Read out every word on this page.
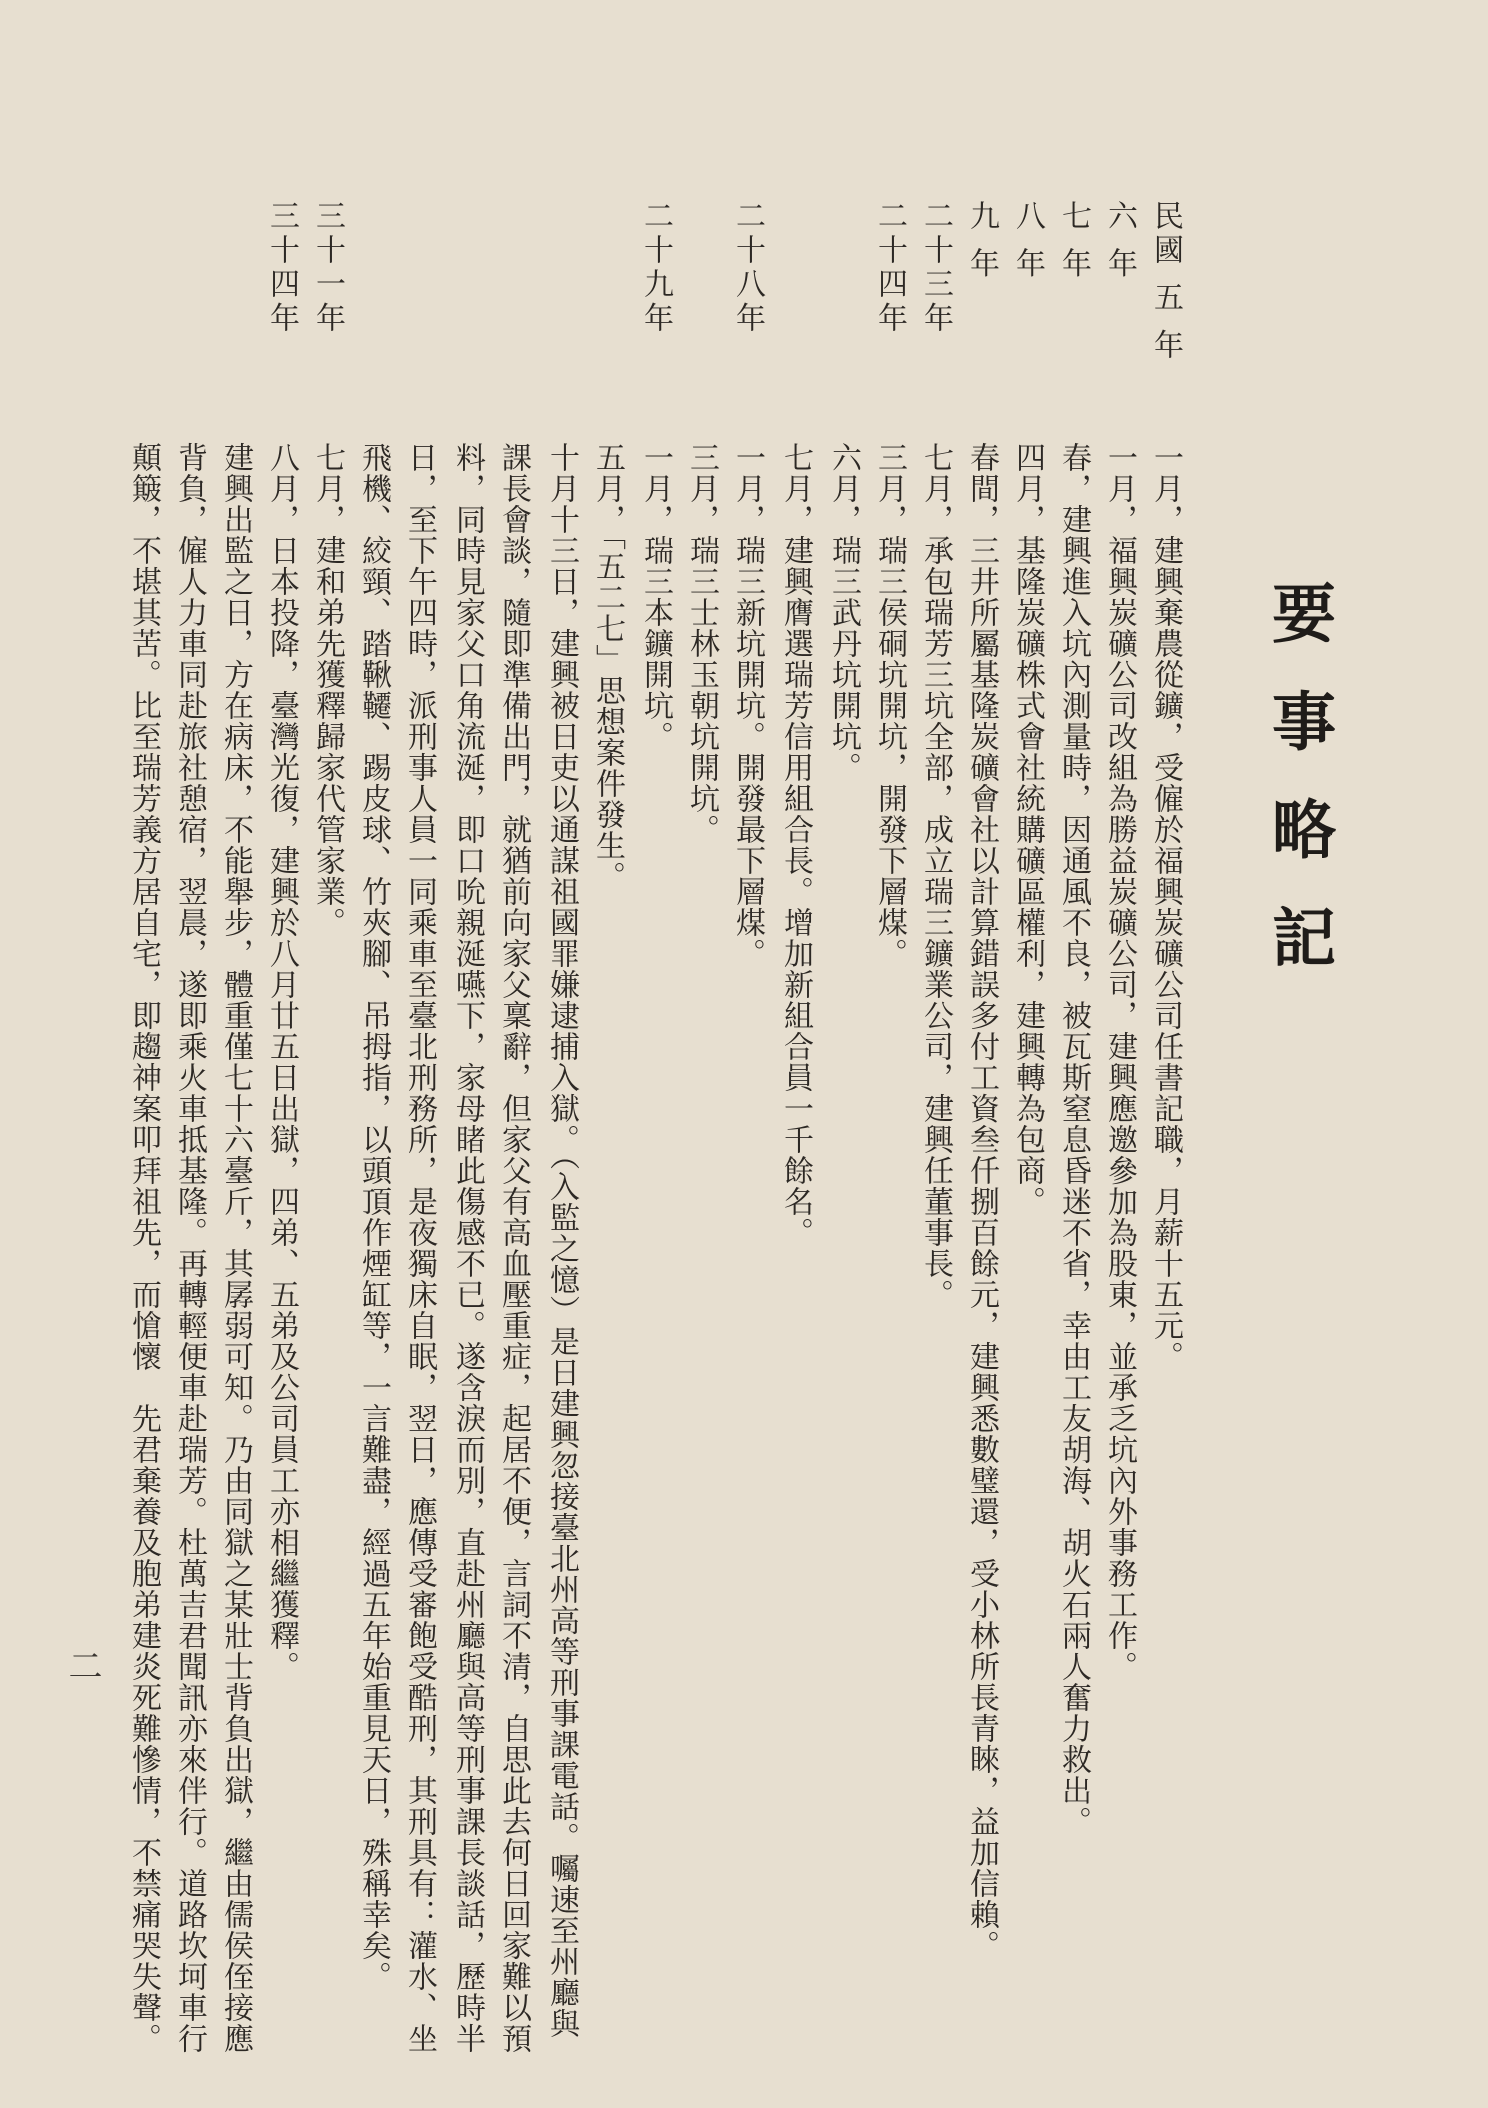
要事略記
民國 五 年
六 年
七 年
八 年
九 年
二十三年
二十四年
二十八年
二十九年
三十一年
三十四年
一月，建興棄農從鑛，受僱於福興炭礦公司任書記職，月薪十五元。
一月，福興炭礦公司改組為勝益炭礦公司，建興應邀參加為股東，並承乏坑內外事務工作。
春，建興進入坑內測量時，因通風不良，被瓦斯窒息昏迷不省，幸由工友胡海、胡火石兩人奮力救出。
四月，基隆炭礦株式會社統購礦區權利，建興轉為包商。
春間，三井所屬基隆炭礦會社以計算錯誤多付工資叁仟捌百餘元，建興悉數璧還，受小林所長青睞，益加信賴。
七月，承包瑞芳三坑全部，成立瑞三鑛業公司，建興任董事長。
三月，瑞三侯硐坑開坑，開發下層煤。
六月，瑞三武丹坑開坑。
七月，建興膺選瑞芳信用組合長。增加新組合員一千餘名。
一月，瑞三新坑開坑。開發最下層煤。
三月，瑞三士林玉朝坑開坑。
一月，瑞三本鑛開坑。
五月，「五二七」思想案件發生。
十月十三日，建興被日吏以通謀祖國罪嫌逮捕入獄。（入監之憶）是日建興忽接臺北州高等刑事課電話。囑速至州廳與
課長會談，隨即準備出門，就猶前向家父稟辭，但家父有高血壓重症，起居不便，言詞不清，自思此去何日回家難以預
料，同時見家父口角流涎，即口吮親涎嚥下，家母睹此傷感不已。遂含淚而別，直赴州廳與高等刑事課長談話，歷時半
日，至下午四時，派刑事人員一同乘車至臺北刑務所，是夜獨床自眠，翌日，應傳受審飽受酷刑，其刑具有：灌水、坐
飛機、絞頸、踏鞦韆、踢皮球、竹夾腳、吊拇指，以頭頂作煙缸等，一言難盡，經過五年始重見天日，殊稱幸矣。
七月，建和弟先獲釋歸家代管家業。
八月，日本投降，臺灣光復，建興於八月廿五日出獄，四弟、五弟及公司員工亦相繼獲釋。
建興出監之日，方在病床，不能舉步，體重僅七十六臺斤，其孱弱可知。乃由同獄之某壯士背負出獄，繼由儒侯侄接應
背負，僱人力車同赴旅社憩宿，翌晨，遂即乘火車抵基隆。再轉輕便車赴瑞芳。杜萬吉君聞訊亦來伴行。道路坎坷車行
顛簸，不堪其苦。比至瑞芳義方居自宅，即趨神案叩拜祖先，而愴懷　先君棄養及胞弟建炎死難慘情，不禁痛哭失聲。
二
